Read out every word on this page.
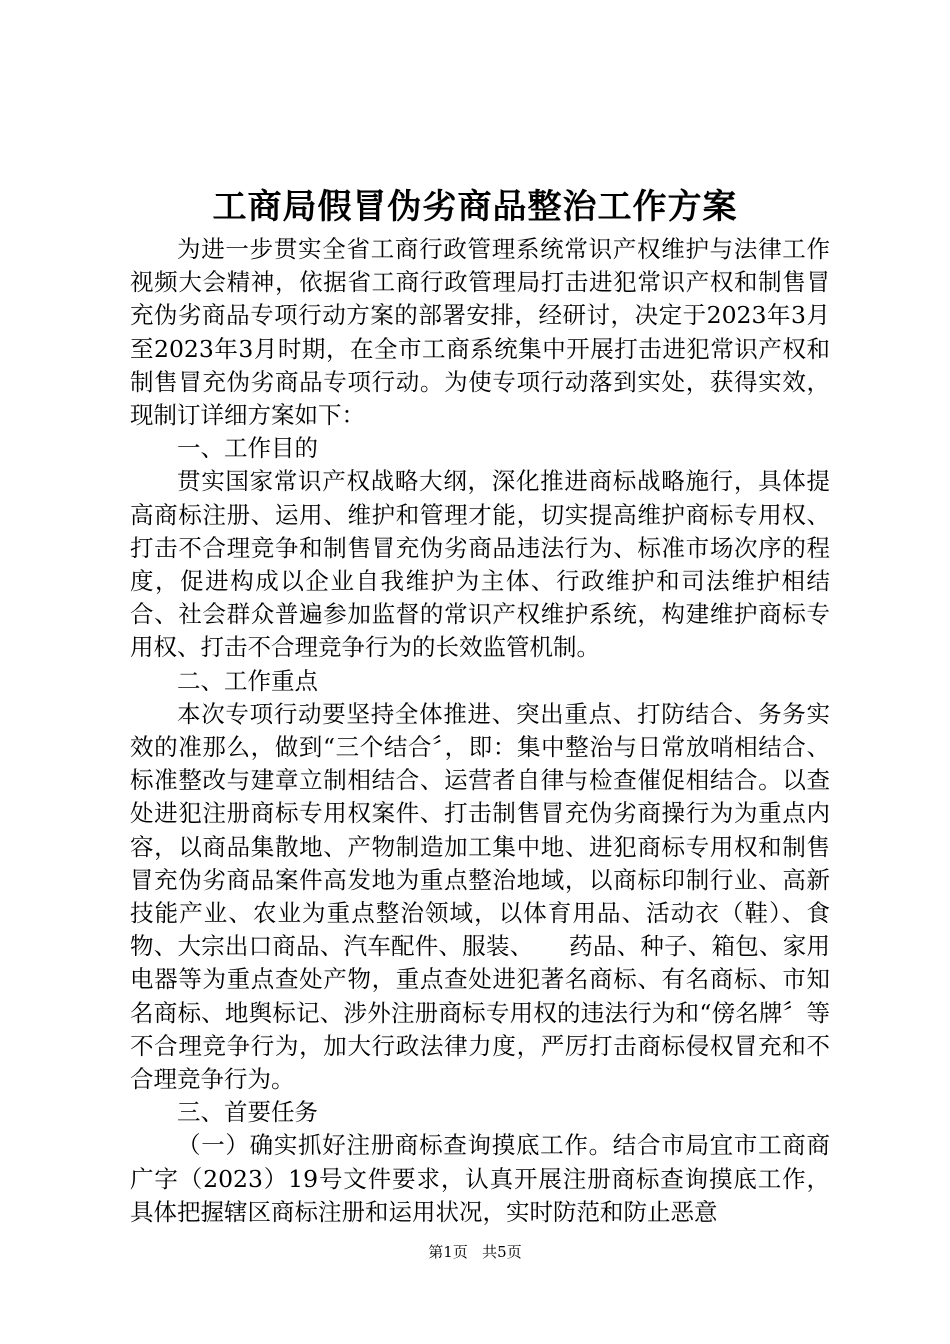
工商局假冒伪劣商品整治工作方案

为进一步贯实全省工商行政管理系统常识产权维护与法律工作视频大会精神，依据省工商行政管理局打击进犯常识产权和制售冒充伪劣商品专项行动方案的部署安排，经研讨，决定于2023年3月至2023年3月时期，在全市工商系统集中开展打击进犯常识产权和制售冒充伪劣商品专项行动。为使专项行动落到实处，获得实效，现制订详细方案如下：

一、工作目的

贯实国家常识产权战略大纲，深化推进商标战略施行，具体提高商标注册、运用、维护和管理才能，切实提高维护商标专用权、打击不合理竞争和制售冒充伪劣商品违法行为、标准市场次序的程度，促进构成以企业自我维护为主体、行政维护和司法维护相结合、社会群众普遍参加监督的常识产权维护系统，构建维护商标专用权、打击不合理竞争行为的长效监管机制。

二、工作重点

本次专项行动要坚持全体推进、突出重点、打防结合、务务实效的准那么，做到“三个结合〞，即：集中整治与日常放哨相结合、标准整改与建章立制相结合、运营者自律与检查催促相结合。以查处进犯注册商标专用权案件、打击制售冒充伪劣商操行为为重点内容，以商品集散地、产物制造加工集中地、进犯商标专用权和制售冒充伪劣商品案件高发地为重点整治地域，以商标印制行业、高新技能产业、农业为重点整治领域，以体育用品、活动衣（鞋）、食物、大宗出口商品、汽车配件、服装、　　药品、种子、箱包、家用电器等为重点查处产物，重点查处进犯著名商标、有名商标、市知名商标、地舆标记、涉外注册商标专用权的违法行为和“傍名牌〞等不合理竞争行为，加大行政法律力度，严厉打击商标侵权冒充和不合理竞争行为。

三、首要任务

（一）确实抓好注册商标查询摸底工作。结合市局宜市工商商广字（2023）19号文件要求，认真开展注册商标查询摸底工作，具体把握辖区商标注册和运用状况，实时防范和防止恶意

第1页 共5页
